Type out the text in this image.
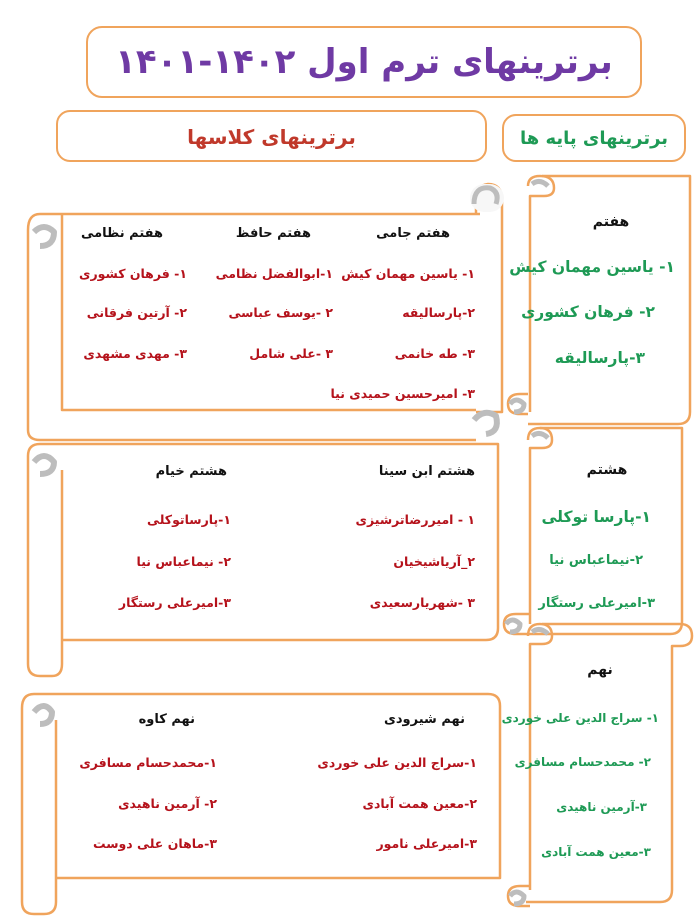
برترینهای ترم اول ۱۴۰۲-۱۴۰۱
برترینهای کلاسها	برترینهای پایه ها
هفتم جامی
۱- یاسین مهمان کیش
۲-پارسالیقه
۳- طه خانمی
۳- امیرحسین حمیدی نیا
هفتم حافظ
۱-ابوالفضل نظامی
۲ -یوسف عباسی
۳ -علی شامل
هفتم نظامی
۱- فرهان کشوری
۲- آرتین فرقانی
۳- مهدی مشهدی
هشتم ابن سینا
۱ - امیررضاترشیزی
۲_آریاشیخیان
۳ -شهریارسعیدی
هشتم خیام
۱-پارساتوکلی
۲- نیماعباس نیا
۳-امیرعلی رستگار
نهم شیرودی
۱-سراج الدین علی خوردی
۲-معین همت آبادی
۳-امیرعلی نامور
نهم کاوه
۱-محمدحسام مسافری
۲- آرمین ناهیدی
۳-ماهان علی دوست
هفتم
۱- یاسین مهمان کیش
۲- فرهان کشوری
۳-پارسالیقه
هشتم
۱-پارسا توکلی
۲-نیماعباس نیا
۳-امیرعلی رستگار
نهم
۱- سراج الدین علی خوردی
۲- محمدحسام مسافری
۳-آرمین ناهیدی
۳-معین همت آبادی
